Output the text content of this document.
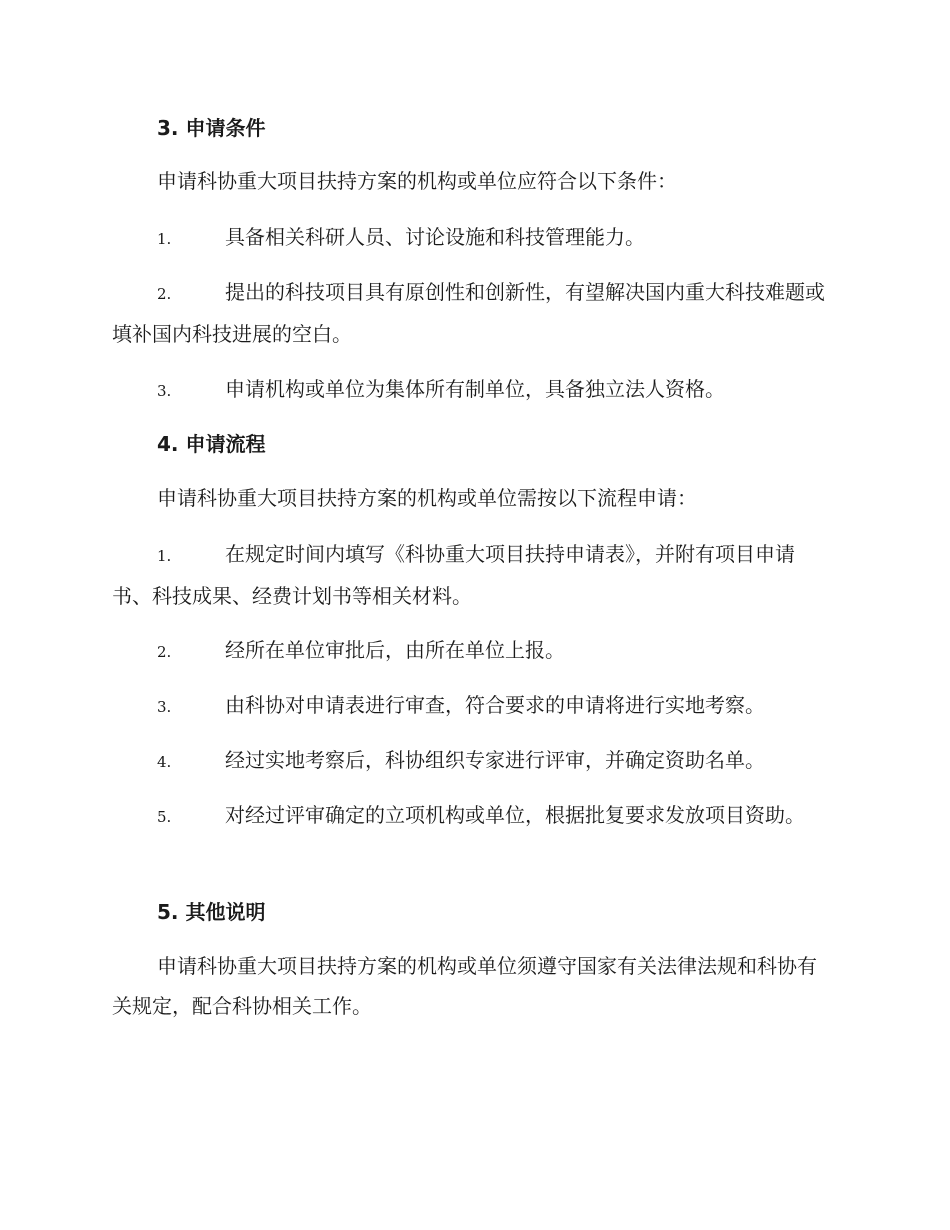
3. 申请条件

申请科协重大项目扶持方案的机构或单位应符合以下条件：

1.	具备相关科研人员、讨论设施和科技管理能力。

2.	提出的科技项目具有原创性和创新性，有望解决国内重大科技难题或填补国内科技进展的空白。

3.	申请机构或单位为集体所有制单位，具备独立法人资格。

4. 申请流程

申请科协重大项目扶持方案的机构或单位需按以下流程申请：

1.	在规定时间内填写《科协重大项目扶持申请表》，并附有项目申请书、科技成果、经费计划书等相关材料。

2.	经所在单位审批后，由所在单位上报。

3.	由科协对申请表进行审查，符合要求的申请将进行实地考察。

4.	经过实地考察后，科协组织专家进行评审，并确定资助名单。

5.	对经过评审确定的立项机构或单位，根据批复要求发放项目资助。

5. 其他说明

申请科协重大项目扶持方案的机构或单位须遵守国家有关法律法规和科协有关规定，配合科协相关工作。
